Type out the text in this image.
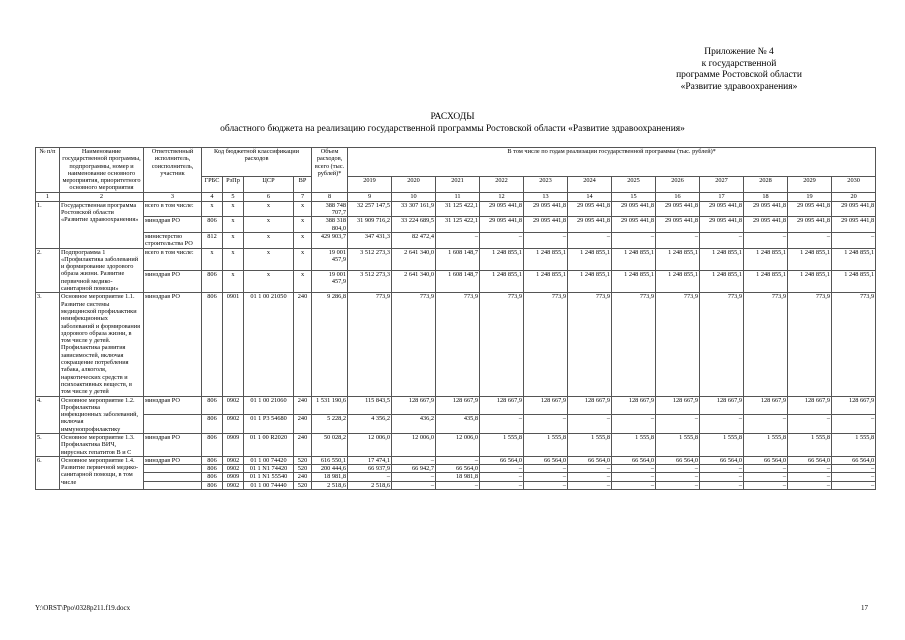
Приложение № 4
к государственной
программе Ростовской области
«Развитие здравоохранения»
РАСХОДЫ
областного бюджета на реализацию государственной программы Ростовской области «Развитие здравоохранения»
№ п/п	Наименование государственной программы, подпрограммы, номер и наименование основного мероприятия, приоритетного основного мероприятия	Ответственный исполнитель, соисполнитель, участник	Код бюджетной классификации расходов				Объем расходов, всего (тыс. рублей)*	В том числе по годам реализации государственной программы (тыс. рублей)*											
			ГРБС	РзПр	ЦСР	ВР		2019	2020	2021	2022	2023	2024	2025	2026	2027	2028	2029	2030
1	2	3	4	5	6	7	8	9	10	11	12	13	14	15	16	17	18	19	20
1.	Государственная программа Ростовской области «Развитие здравоохранения»	всего в том числе:	х	х	х	х	388 748 707,7	32 257 147,5	33 307 161,9	31 125 422,1	29 095 441,8	29 095 441,8	29 095 441,8	29 095 441,8	29 095 441,8	29 095 441,8	29 095 441,8	29 095 441,8	29 095 441,8
		минздрав РО	806	х	х	х	388 318 804,0	31 909 716,2	33 224 689,5	31 125 422,1	29 095 441,8	29 095 441,8	29 095 441,8	29 095 441,8	29 095 441,8	29 095 441,8	29 095 441,8	29 095 441,8	29 095 441,8
		министерство строительства РО	812	х	х	х	429 903,7	347 431,3	82 472,4	–	–	–	–	–	–	–	–	–	–
2.	Подпрограмма 1 «Профилактика заболеваний и формирование здорового образа жизни. Развитие первичной медико-санитарной помощи»	всего в том числе:	х	х	х	х	19 001 457,9	3 512 273,3	2 641 340,0	1 608 148,7	1 248 855,1	1 248 855,1	1 248 855,1	1 248 855,1	1 248 855,1	1 248 855,1	1 248 855,1	1 248 855,1	1 248 855,1
		минздрав РО	806	х	х	х	19 001 457,9	3 512 273,3	2 641 340,0	1 608 148,7	1 248 855,1	1 248 855,1	1 248 855,1	1 248 855,1	1 248 855,1	1 248 855,1	1 248 855,1	1 248 855,1	1 248 855,1
3.	Основное мероприятие 1.1. Развитие системы медицинской профилактики неинфекционных заболеваний и формирования здорового образа жизни, в том числе у детей. Профилактика развития зависимостей, включая сокращение потребления табака, алкоголя, наркотических средств и психоактивных веществ, в том числе у детей	минздрав РО	806	0901	01 1 00 21050	240	9 286,8	773,9	773,9	773,9	773,9	773,9	773,9	773,9	773,9	773,9	773,9	773,9	773,9
4.	Основное мероприятие 1.2. Профилактика инфекционных заболеваний, включая иммунопрофилактику	минздрав РО	806	0902	01 1 00 21060	240	1 531 190,6	115 843,5	128 667,9	128 667,9	128 667,9	128 667,9	128 667,9	128 667,9	128 667,9	128 667,9	128 667,9	128 667,9	128 667,9
			806	0902	01 1 P3 54680	240	5 228,2	4 356,2	436,2	435,8	–	–	–	–	–	–	–	–	–
5.	Основное мероприятие 1.3. Профилактика ВИЧ, вирусных гепатитов В и С	минздрав РО	806	0909	01 1 00 R2020	240	50 028,2	12 006,0	12 006,0	12 006,0	1 555,8	1 555,8	1 555,8	1 555,8	1 555,8	1 555,8	1 555,8	1 555,8	1 555,8
6.	Основное мероприятие 1.4. Развитие первичной медико-санитарной помощи, в том числе	минздрав РО	806	0902	01 1 00 74420	520	616 550,1	17 474,1	–	–	66 564,0	66 564,0	66 564,0	66 564,0	66 564,0	66 564,0	66 564,0	66 564,0	66 564,0
			806	0902	01 1 N1 74420	520	200 444,6	66 937,9	66 942,7	66 564,0	–	–	–	–	–	–	–	–	–
			806	0909	01 1 N1 55540	240	18 981,8	–	–	18 981,8	–	–	–	–	–	–	–	–	–
			806	0902	01 1 00 74440	520	2 518,6	2 518,6	–	–	–	–	–	–	–	–	–	–	–
Y:\ORST\Ppo\0328p211.f19.docx	17
